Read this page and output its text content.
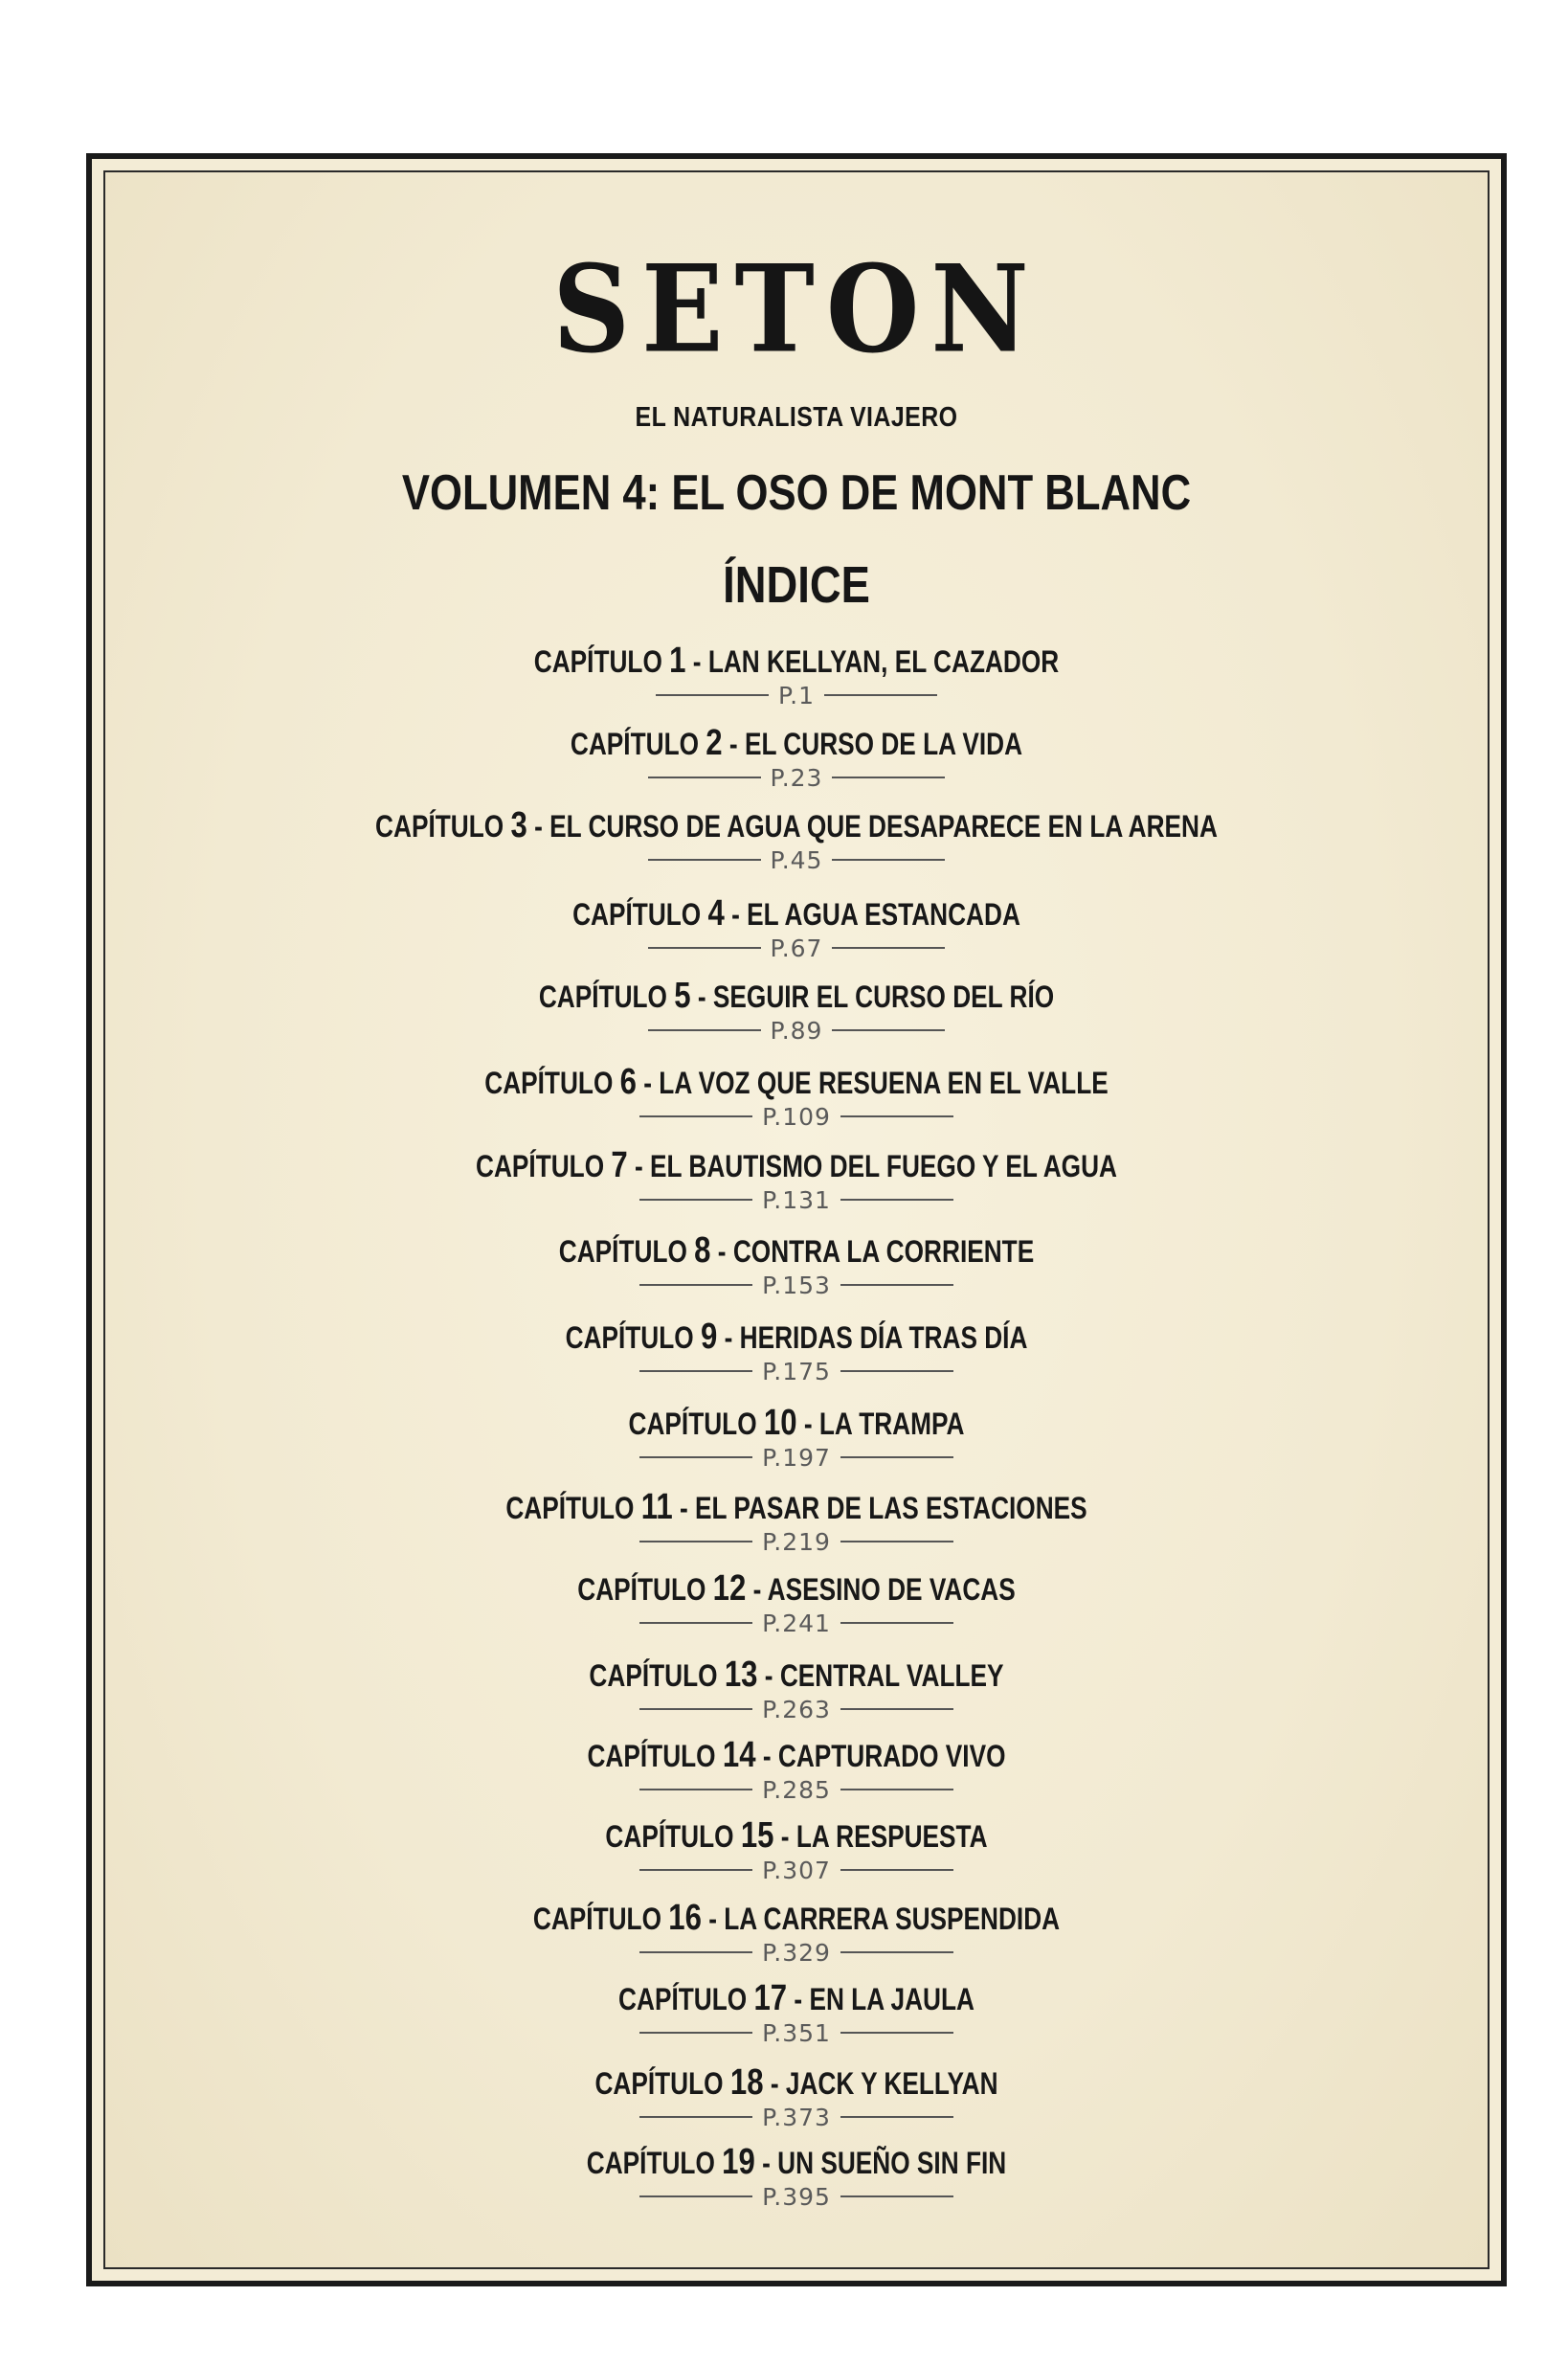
SETON
EL NATURALISTA VIAJERO
VOLUMEN 4: EL OSO DE MONT BLANC
ÍNDICE
CAPÍTULO 1 - LAN KELLYAN, EL CAZADOR
P.1
CAPÍTULO 2 - EL CURSO DE LA VIDA
P.23
CAPÍTULO 3 - EL CURSO DE AGUA QUE DESAPARECE EN LA ARENA
P.45
CAPÍTULO 4 - EL AGUA ESTANCADA
P.67
CAPÍTULO 5 - SEGUIR EL CURSO DEL RÍO
P.89
CAPÍTULO 6 - LA VOZ QUE RESUENA EN EL VALLE
P.109
CAPÍTULO 7 - EL BAUTISMO DEL FUEGO Y EL AGUA
P.131
CAPÍTULO 8 - CONTRA LA CORRIENTE
P.153
CAPÍTULO 9 - HERIDAS DÍA TRAS DÍA
P.175
CAPÍTULO 10 - LA TRAMPA
P.197
CAPÍTULO 11 - EL PASAR DE LAS ESTACIONES
P.219
CAPÍTULO 12 - ASESINO DE VACAS
P.241
CAPÍTULO 13 - CENTRAL VALLEY
P.263
CAPÍTULO 14 - CAPTURADO VIVO
P.285
CAPÍTULO 15 - LA RESPUESTA
P.307
CAPÍTULO 16 - LA CARRERA SUSPENDIDA
P.329
CAPÍTULO 17 - EN LA JAULA
P.351
CAPÍTULO 18 - JACK Y KELLYAN
P.373
CAPÍTULO 19 - UN SUEÑO SIN FIN
P.395
